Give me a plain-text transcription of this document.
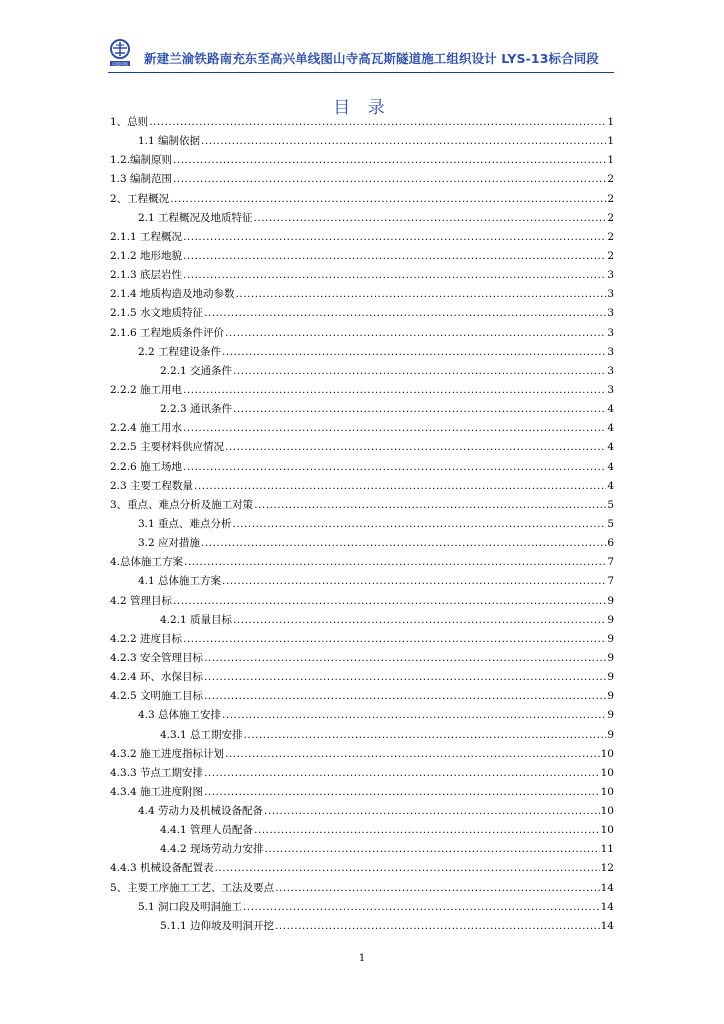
中国中铁 新建兰渝铁路南充东至高兴单线图山寺高瓦斯隧道施工组织设计 LYS-13标合同段
目 录
1、总则 .....	1
1.1 编制依据 .....	1
1.2.编制原则 .....	1
1.3 编制范围 .....	2
2、工程概况 .....	2
2.1 工程概况及地质特征 .....	2
2.1.1 工程概况 .....	2
2.1.2 地形地貌 .....	2
2.1.3 底层岩性 .....	3
2.1.4 地质构造及地动参数 .....	3
2.1.5 水文地质特征 .....	3
2.1.6 工程地质条件评价 .....	3
2.2 工程建设条件 .....	3
2.2.1 交通条件 .....	3
2.2.2 施工用电 .....	3
2.2.3 通讯条件 .....	4
2.2.4 施工用水 .....	4
2.2.5 主要材料供应情况 .....	4
2.2.6 施工场地 .....	4
2.3 主要工程数量 .....	4
3、重点、难点分析及施工对策 .....	5
3.1 重点、难点分析 .....	5
3.2 应对措施 .....	6
4.总体施工方案 .....	7
4.1 总体施工方案 .....	7
4.2 管理目标 .....	9
4.2.1 质量目标 .....	9
4.2.2 进度目标 .....	9
4.2.3 安全管理目标 .....	9
4.2.4 环、水保目标 .....	9
4.2.5 文明施工目标 .....	9
4.3 总体施工安排 .....	9
4.3.1 总工期安排 .....	9
4.3.2 施工进度指标计划 .....	10
4.3.3 节点工期安排 .....	10
4.3.4 施工进度附图 .....	10
4.4 劳动力及机械设备配备 .....	10
4.4.1 管理人员配备 .....	10
4.4.2 现场劳动力安排 .....	11
4.4.3 机械设备配置表 .....	12
5、主要工序施工工艺、工法及要点 .....	14
5.1 洞口段及明洞施工 .....	14
5.1.1 边仰坡及明洞开挖 .....	14
1
